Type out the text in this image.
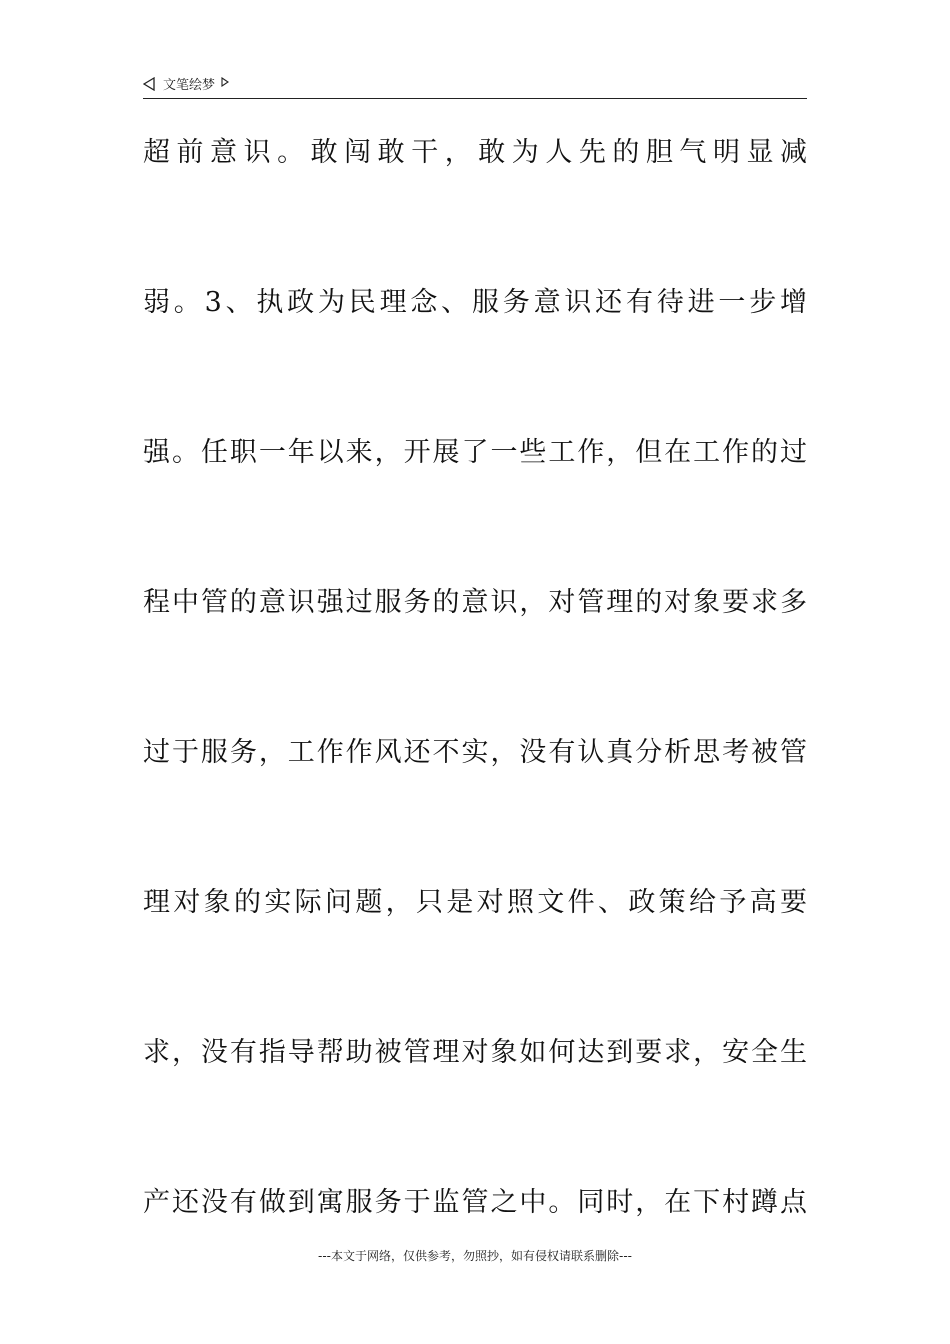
文笔绘梦
超前意识。敢闯敢干，敢为人先的胆气明显减
弱。3、执政为民理念、服务意识还有待进一步增
强。任职一年以来，开展了一些工作，但在工作的过
程中管的意识强过服务的意识，对管理的对象要求多
过于服务，工作作风还不实，没有认真分析思考被管
理对象的实际问题，只是对照文件、政策给予高要
求，没有指导帮助被管理对象如何达到要求，安全生
产还没有做到寓服务于监管之中。同时，在下村蹲点
---本文于网络，仅供参考，勿照抄，如有侵权请联系删除---
